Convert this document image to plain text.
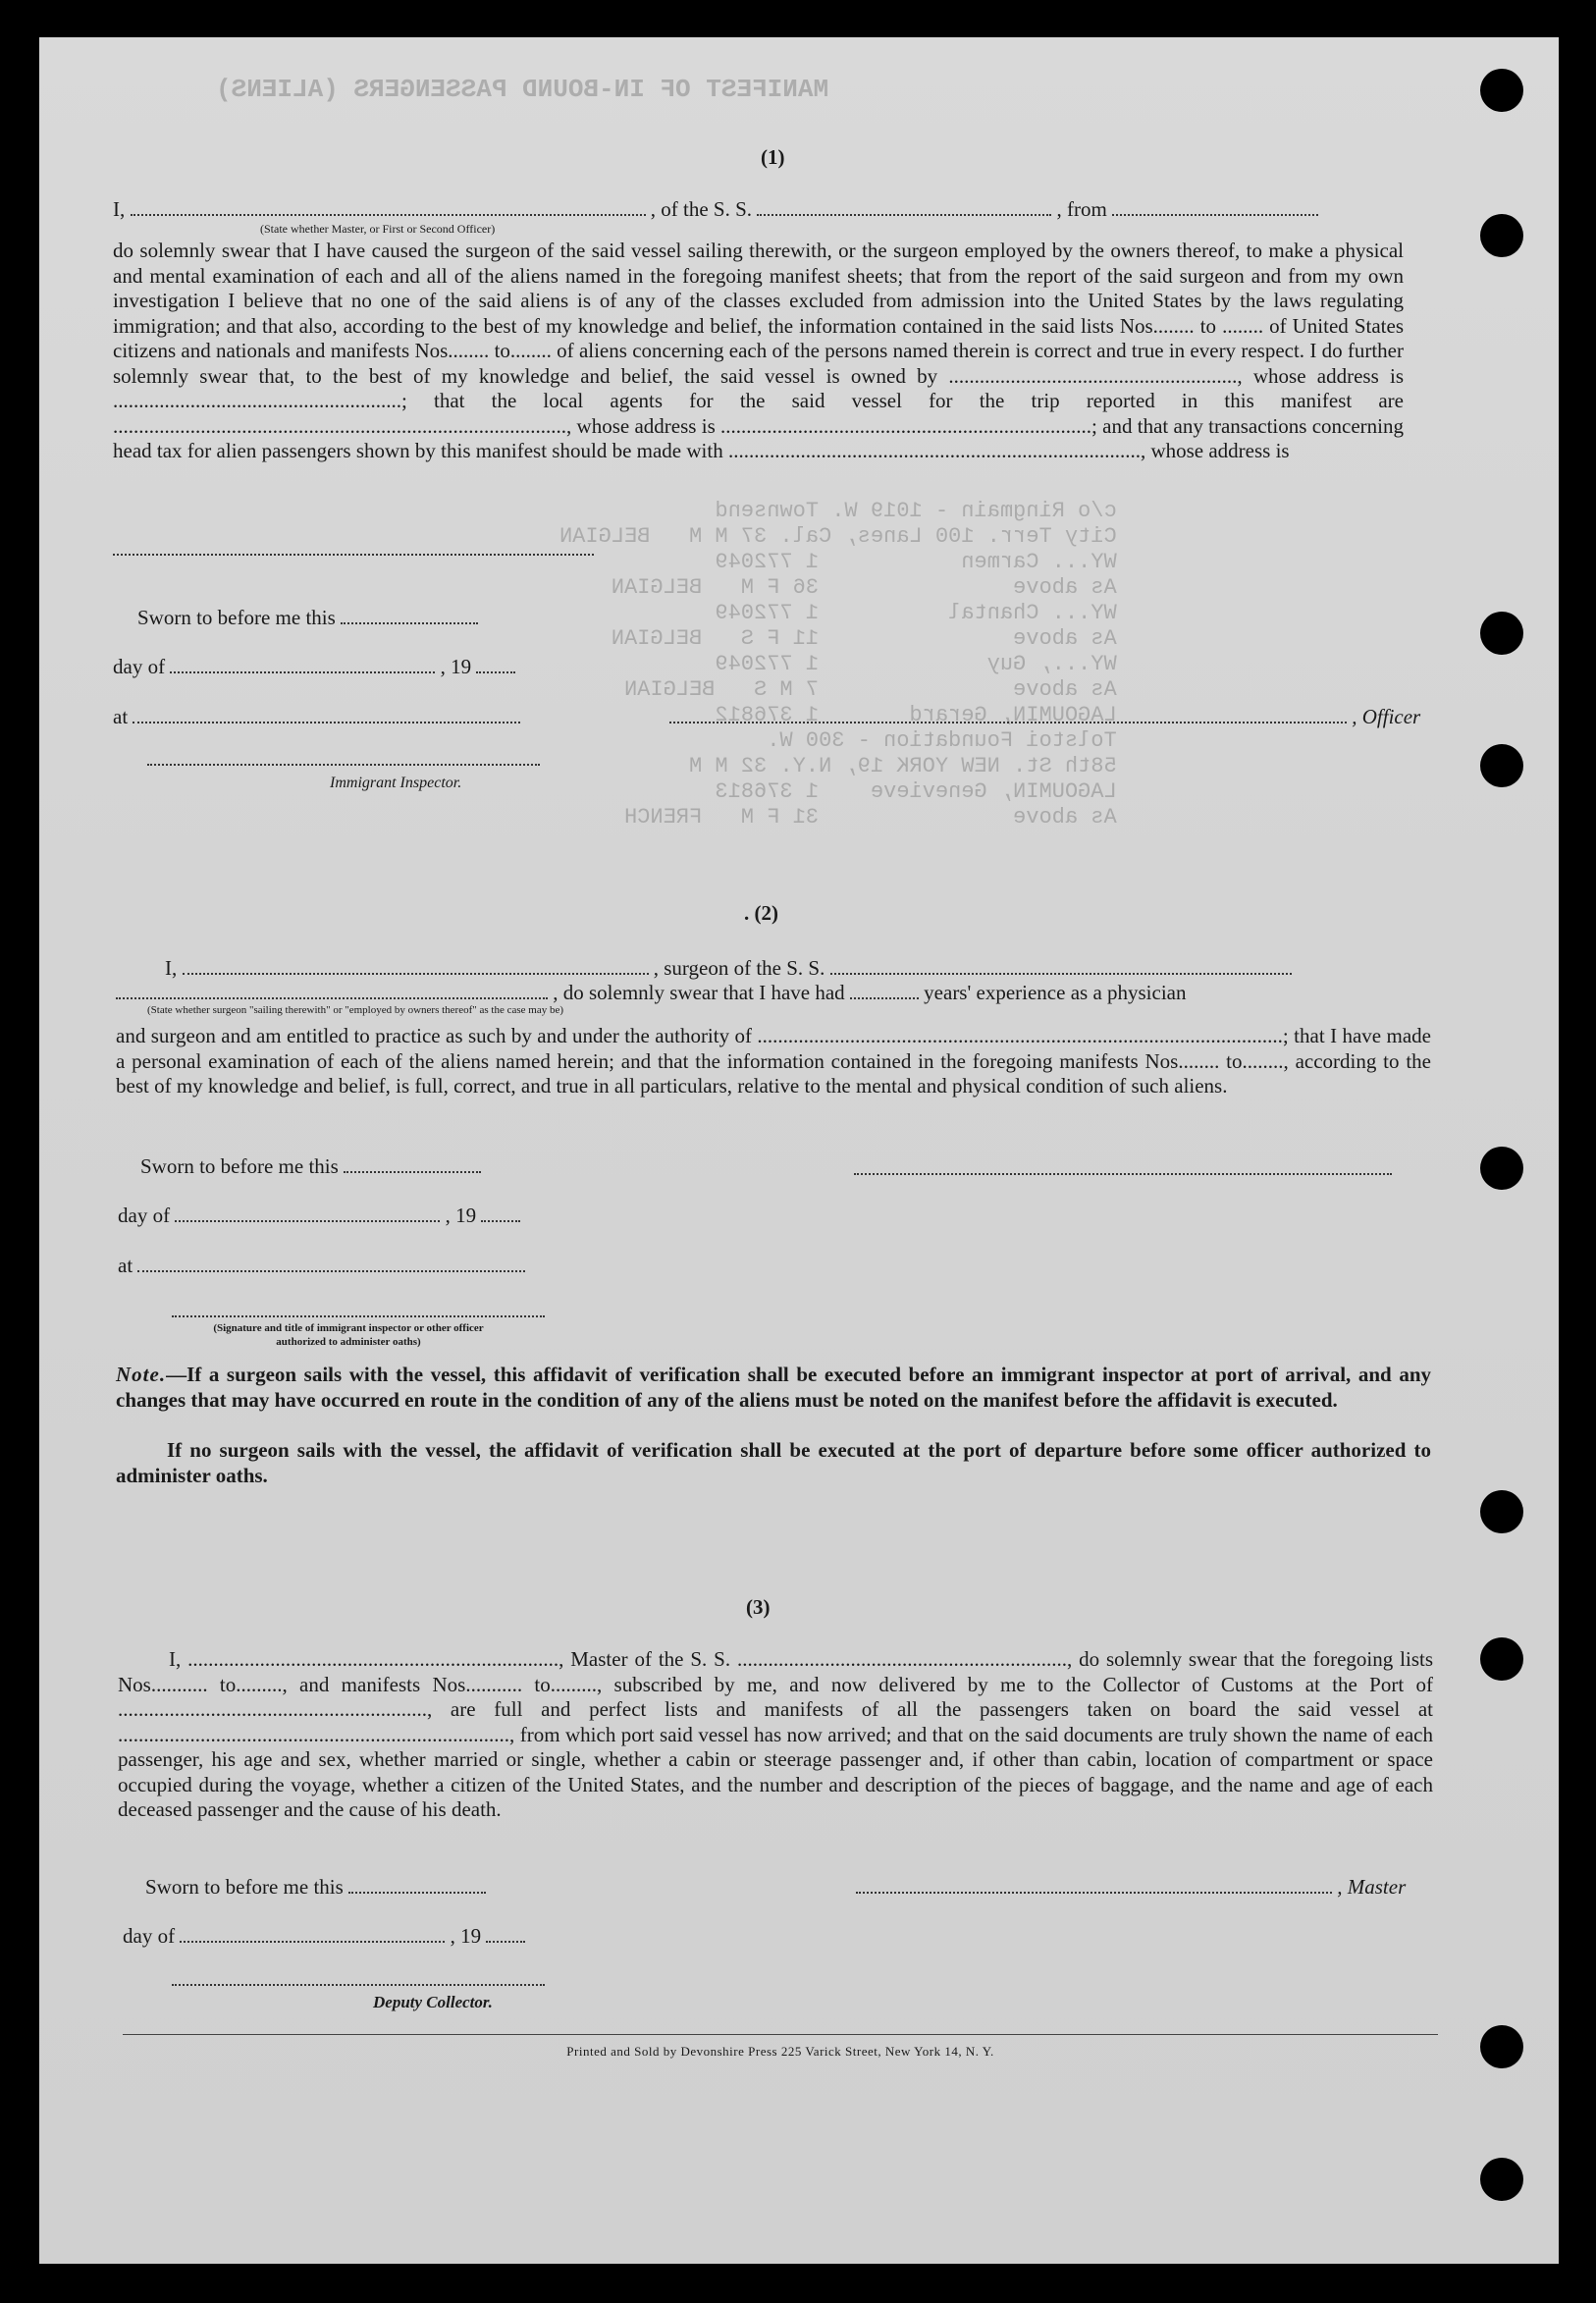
MANIFEST OF IN-BOUND PASSENGERS (ALIENS)
c/o Ringmain - 1019 W. Townsend
City Terr. 100 Lanes, Cal. 37 M M   BELGIAN
WY... Carmen           1 772049
As above               36 F M   BELGIAN
WY... Chantal          1 772049
As above               11 F S   BELGIAN
WY..., Guy             1 772049
As above               7 M S   BELGIAN
LAGOUMIN, Gerard       1 376812
Tolstoi Foundation - 300 W.
58th St. NEW YORK 19, N.Y. 32 M M
LAGOUMIN, Genevieve    1 376813
As above               31 F M   FRENCH
(1)
I,	, of the S. S.	, from
(State whether Master, or First or Second Officer)
do solemnly swear that I have caused the surgeon of the said vessel sailing therewith, or the surgeon employed by the owners thereof, to make a physical and mental examination of each and all of the aliens named in the foregoing manifest sheets; that from the report of the said surgeon and from my own investigation I believe that no one of the said aliens is of any of the classes excluded from admission into the United States by the laws regulating immigration; and that also, according to the best of my knowledge and belief, the information contained in the said lists Nos........ to ........ of United States citizens and nationals and manifests Nos........ to........ of aliens concerning each of the persons named therein is correct and true in every respect. I do further solemnly swear that, to the best of my knowledge and belief, the said vessel is owned by ........................................................, whose address is ........................................................; that the local agents for the said vessel for the trip reported in this manifest are ........................................................................................, whose address is ........................................................................; and that any transactions concerning head tax for alien passengers shown by this manifest should be made with ................................................................................, whose address is
Sworn to before me this
day of	, 19
at	, Officer
Immigrant Inspector.
. (2)
I,	, surgeon of the S. S.
, do solemnly swear that I have had	years' experience as a physician
(State whether surgeon "sailing therewith" or "employed by owners thereof" as the case may be)
and surgeon and am entitled to practice as such by and under the authority of ......................................................................................................; that I have made a personal examination of each of the aliens named herein; and that the information contained in the foregoing manifests Nos........ to........, according to the best of my knowledge and belief, is full, correct, and true in all particulars, relative to the mental and physical condition of such aliens.
Sworn to before me this
day of	, 19
at
(Signature and title of immigrant inspector or other officer authorized to administer oaths)
Note.—If a surgeon sails with the vessel, this affidavit of verification shall be executed before an immigrant inspector at port of arrival, and any changes that may have occurred en route in the condition of any of the aliens must be noted on the manifest before the affidavit is executed.
If no surgeon sails with the vessel, the affidavit of verification shall be executed at the port of departure before some officer authorized to administer oaths.
(3)
I, ........................................................................, Master of the S. S. ................................................................, do solemnly swear that the foregoing lists Nos........... to........., and manifests Nos........... to........., subscribed by me, and now delivered by me to the Collector of Customs at the Port of ............................................................, are full and perfect lists and manifests of all the passengers taken on board the said vessel at ............................................................................, from which port said vessel has now arrived; and that on the said documents are truly shown the name of each passenger, his age and sex, whether married or single, whether a cabin or steerage passenger and, if other than cabin, location of compartment or space occupied during the voyage, whether a citizen of the United States, and the number and description of the pieces of baggage, and the name and age of each deceased passenger and the cause of his death.
Sworn to before me this	, Master
day of	, 19
Deputy Collector.
Printed and Sold by Devonshire Press 225 Varick Street, New York 14, N. Y.
